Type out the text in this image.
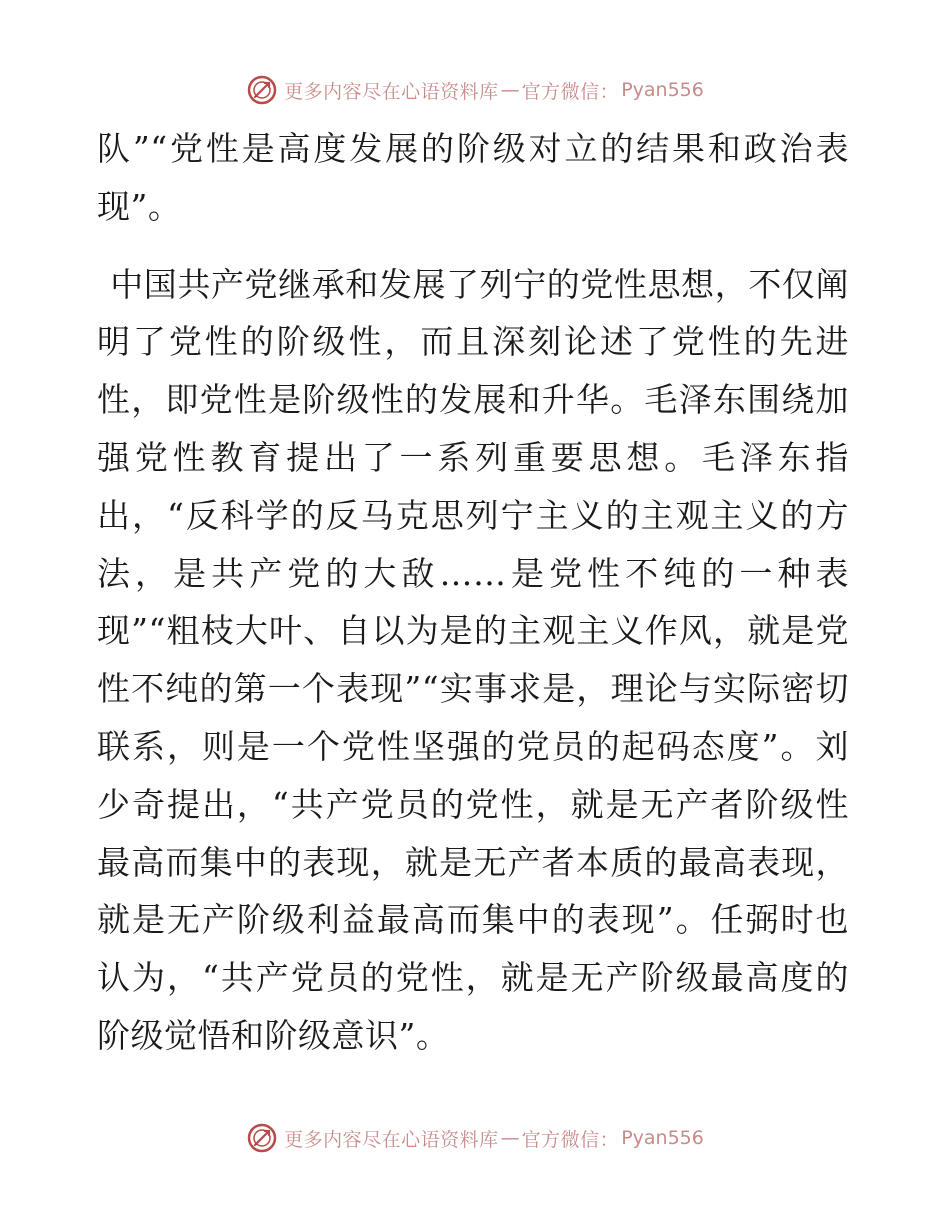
更多内容尽在心语资料库 — 官方微信： Pyan556

队”“党性是高度发展的阶级对立的结果和政治表现”。

中国共产党继承和发展了列宁的党性思想，不仅阐明了党性的阶级性，而且深刻论述了党性的先进性，即党性是阶级性的发展和升华。毛泽东围绕加强党性教育提出了一系列重要思想。毛泽东指出，“反科学的反马克思列宁主义的主观主义的方法，是共产党的大敌……是党性不纯的一种表现”“粗枝大叶、自以为是的主观主义作风，就是党性不纯的第一个表现”“实事求是，理论与实际密切联系，则是一个党性坚强的党员的起码态度”。刘少奇提出，“共产党员的党性，就是无产者阶级性最高而集中的表现，就是无产者本质的最高表现，就是无产阶级利益最高而集中的表现”。任弼时也认为，“共产党员的党性，就是无产阶级最高度的阶级觉悟和阶级意识”。

更多内容尽在心语资料库 — 官方微信： Pyan556
